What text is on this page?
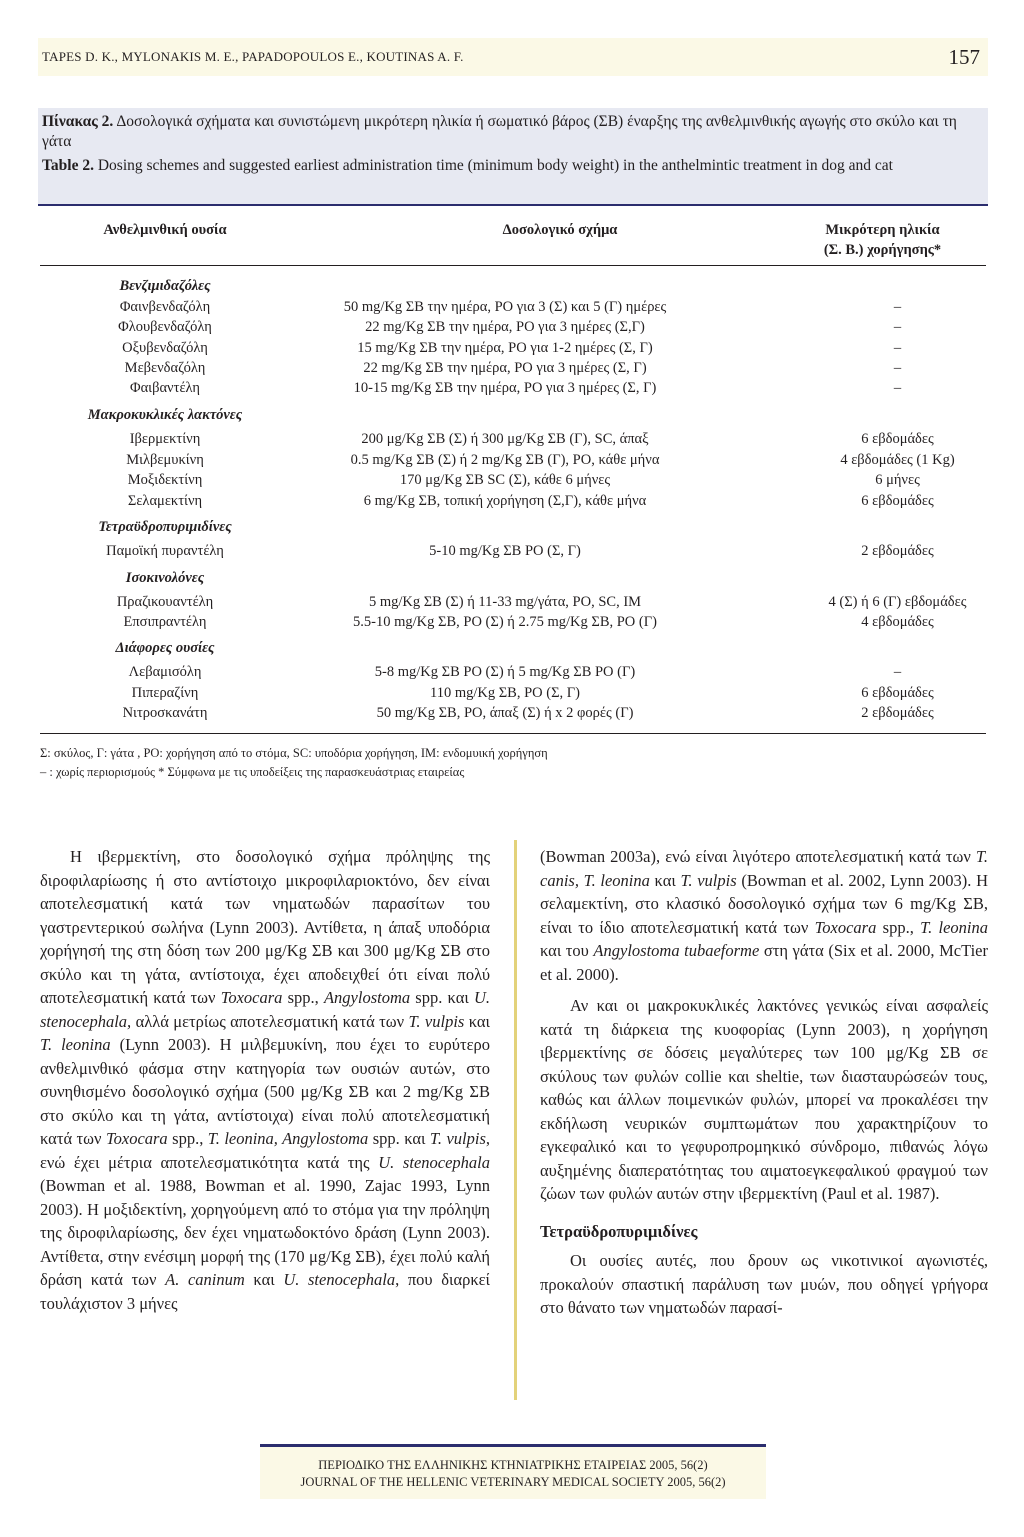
TAPES D. K., MYLONAKIS M. E., PAPADOPOULOS E., KOUTINAS A. F.	157

Πίνακας 2. Δοσολογικά σχήματα και συνιστώμενη μικρότερη ηλικία ή σωματικό βάρος (ΣΒ) έναρξης της ανθελμινθικής αγωγής στο σκύλο και τη γάτα

Table 2. Dosing schemes and suggested earliest administration time (minimum body weight) in the anthelmintic treatment in dog and cat

Ανθελμινθική ουσία	Δοσολογικό σχήμα	Μικρότερη ηλικία
(Σ. Β.) χορήγησης*
Βενζιμιδαζόλες
Φαινβενδαζόλη	50 mg/Kg ΣΒ την ημέρα, PO για 3 (Σ) και 5 (Γ) ημέρες	–
Φλουβενδαζόλη	22 mg/Kg ΣΒ την ημέρα, PO για 3 ημέρες (Σ,Γ)	–
Οξυβενδαζόλη	15 mg/Kg ΣΒ την ημέρα, PO για 1-2 ημέρες (Σ, Γ)	–
Μεβενδαζόλη	22 mg/Kg ΣΒ την ημέρα, PO για 3 ημέρες (Σ, Γ)	–
Φαιβαντέλη	10-15 mg/Kg ΣΒ την ημέρα, PO για 3 ημέρες (Σ, Γ)	–
Μακροκυκλικές λακτόνες
Ιβερμεκτίνη	200 μg/Kg ΣΒ (Σ) ή 300 μg/Kg ΣΒ (Γ), SC, άπαξ	6 εβδομάδες
Μιλβεμυκίνη	0.5 mg/Kg ΣΒ (Σ) ή 2 mg/Kg ΣΒ (Γ), PO, κάθε μήνα	4 εβδομάδες (1 Kg)
Μοξιδεκτίνη	170 μg/Kg ΣΒ SC (Σ), κάθε 6 μήνες	6 μήνες
Σελαμεκτίνη	6 mg/Kg ΣΒ, τοπική χορήγηση (Σ,Γ), κάθε μήνα	6 εβδομάδες
Τετραϋδροπυριμιδίνες
Παμοϊκή πυραντέλη	5-10 mg/Kg ΣΒ PO (Σ, Γ)	2 εβδομάδες
Ισοκινολόνες
Πραζικουαντέλη	5 mg/Kg ΣΒ (Σ) ή 11-33 mg/γάτα, PO, SC, IM	4 (Σ) ή 6 (Γ) εβδομάδες
Επσιπραντέλη	5.5-10 mg/Kg ΣΒ, PO (Σ) ή 2.75 mg/Kg ΣΒ, PO (Γ)	4 εβδομάδες
Διάφορες ουσίες
Λεβαμισόλη	5-8 mg/Kg ΣΒ PO (Σ) ή 5 mg/Kg ΣΒ PO (Γ)	–
Πιπεραζίνη	110 mg/Kg ΣΒ, PO (Σ, Γ)	6 εβδομάδες
Νιτροσκανάτη	50 mg/Kg ΣΒ, PO, άπαξ (Σ) ή x 2 φορές (Γ)	2 εβδομάδες
Σ: σκύλος, Γ: γάτα , PO: χορήγηση από το στόμα, SC: υποδόρια χορήγηση, IM: ενδομυική χορήγηση
– : χωρίς περιορισμούς * Σύμφωνα με τις υποδείξεις της παρασκευάστριας εταιρείας

Η ιβερμεκτίνη, στο δοσολογικό σχήμα πρόληψης της διροφιλαρίωσης ή στο αντίστοιχο μικροφιλαριοκτόνο, δεν είναι αποτελεσματική κατά των νηματωδών παρασίτων του γαστρεντερικού σωλήνα (Lynn 2003). Αντίθετα, η άπαξ υποδόρια χορήγησή της στη δόση των 200 μg/Kg ΣΒ και 300 μg/Kg ΣΒ στο σκύλο και τη γάτα, αντίστοιχα, έχει αποδειχθεί ότι είναι πολύ αποτελεσματική κατά των Toxocara spp., Angylostoma spp. και U. stenocephala, αλλά μετρίως αποτελεσματική κατά των T. vulpis και T. leonina (Lynn 2003). Η μιλβεμυκίνη, που έχει το ευρύτερο ανθελμινθικό φάσμα στην κατηγορία των ουσιών αυτών, στο συνηθισμένο δοσολογικό σχήμα (500 μg/Kg ΣΒ και 2 mg/Kg ΣΒ στο σκύλο και τη γάτα, αντίστοιχα) είναι πολύ αποτελεσματική κατά των Toxocara spp., T. leonina, Angylostoma spp. και T. vulpis, ενώ έχει μέτρια αποτελεσματικότητα κατά της U. stenocephala (Bowman et al. 1988, Bowman et al. 1990, Zajac 1993, Lynn 2003). Η μοξιδεκτίνη, χορηγούμενη από το στόμα για την πρόληψη της διροφιλαρίωσης, δεν έχει νηματωδοκτόνο δράση (Lynn 2003). Αντίθετα, στην ενέσιμη μορφή της (170 μg/Kg ΣΒ), έχει πολύ καλή δράση κατά των A. caninum και U. stenocephala, που διαρκεί τουλάχιστον 3 μήνες

(Bowman 2003a), ενώ είναι λιγότερο αποτελεσματική κατά των T. canis, T. leonina και T. vulpis (Bowman et al. 2002, Lynn 2003). Η σελαμεκτίνη, στο κλασικό δοσολογικό σχήμα των 6 mg/Kg ΣΒ, είναι το ίδιο αποτελεσματική κατά των Toxocara spp., T. leonina και του Angylostoma tubaeforme στη γάτα (Six et al. 2000, McTier et al. 2000).

Αν και οι μακροκυκλικές λακτόνες γενικώς είναι ασφαλείς κατά τη διάρκεια της κυοφορίας (Lynn 2003), η χορήγηση ιβερμεκτίνης σε δόσεις μεγαλύτερες των 100 μg/Kg ΣΒ σε σκύλους των φυλών collie και sheltie, των διασταυρώσεών τους, καθώς και άλλων ποιμενικών φυλών, μπορεί να προκαλέσει την εκδήλωση νευρικών συμπτωμάτων που χαρακτηρίζουν το εγκεφαλικό και το γεφυροπρομηκικό σύνδρομο, πιθανώς λόγω αυξημένης διαπερατότητας του αιματοεγκεφαλικού φραγμού των ζώων των φυλών αυτών στην ιβερμεκτίνη (Paul et al. 1987).

Τετραϋδροπυριμιδίνες

Οι ουσίες αυτές, που δρουν ως νικοτινικοί αγωνιστές, προκαλούν σπαστική παράλυση των μυών, που οδηγεί γρήγορα στο θάνατο των νηματωδών παρασί-

ΠΕΡΙΟΔΙΚΟ ΤΗΣ ΕΛΛΗΝΙΚΗΣ ΚΤΗΝΙΑΤΡΙΚΗΣ ΕΤΑΙΡΕΙΑΣ 2005, 56(2)
JOURNAL OF THE HELLENIC VETERINARY MEDICAL SOCIETY 2005, 56(2)
